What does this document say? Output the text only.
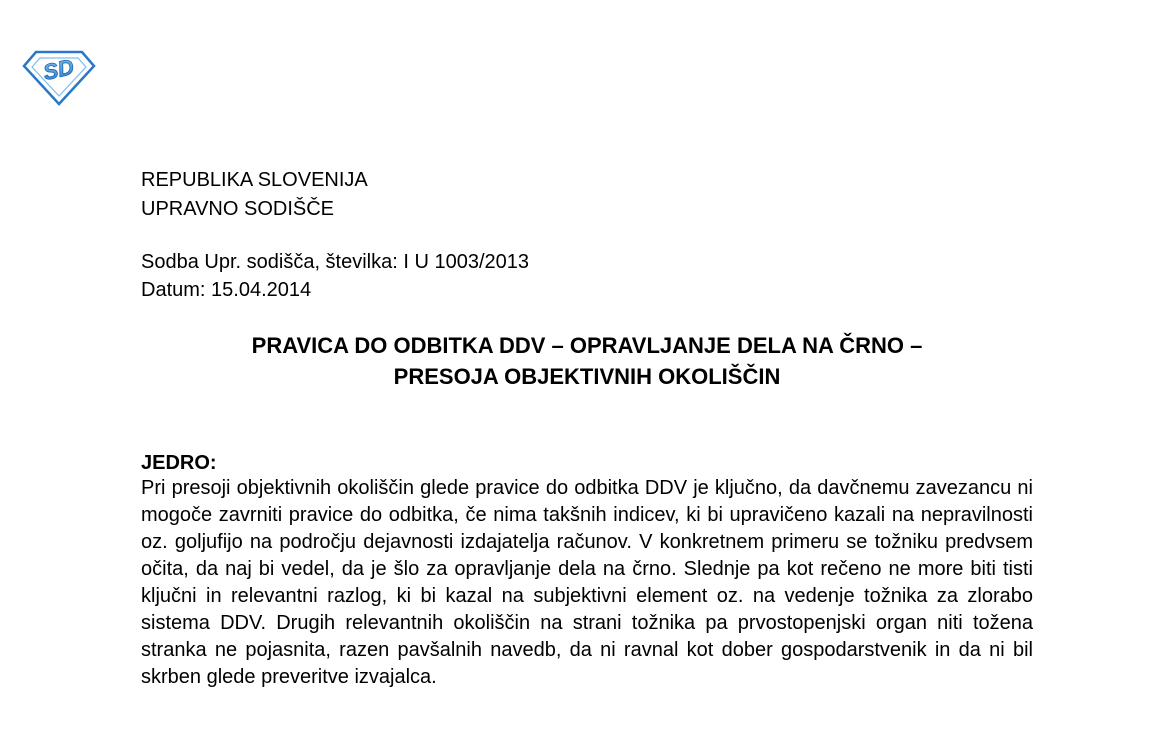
SD
REPUBLIKA SLOVENIJA
UPRAVNO SODIŠČE
Sodba Upr. sodišča, številka: I U 1003/2013
Datum: 15.04.2014
PRAVICA DO ODBITKA DDV – OPRAVLJANJE DELA NA ČRNO –
PRESOJA OBJEKTIVNIH OKOLIŠČIN
JEDRO:

Pri presoji objektivnih okoliščin glede pravice do odbitka DDV je ključno, da davčnemu zavezancu ni mogoče zavrniti pravice do odbitka, če nima takšnih indicev, ki bi upravičeno kazali na nepravilnosti oz. goljufijo na področju dejavnosti izdajatelja računov. V konkretnem primeru se tožniku predvsem očita, da naj bi vedel, da je šlo za opravljanje dela na črno. Slednje pa kot rečeno ne more biti tisti ključni in relevantni razlog, ki bi kazal na subjektivni element oz. na vedenje tožnika za zlorabo sistema DDV. Drugih relevantnih okoliščin na strani tožnika pa prvostopenjski organ niti tožena stranka ne pojasnita, razen pavšalnih navedb, da ni ravnal kot dober gospodarstvenik in da ni bil skrben glede preveritve izvajalca.
